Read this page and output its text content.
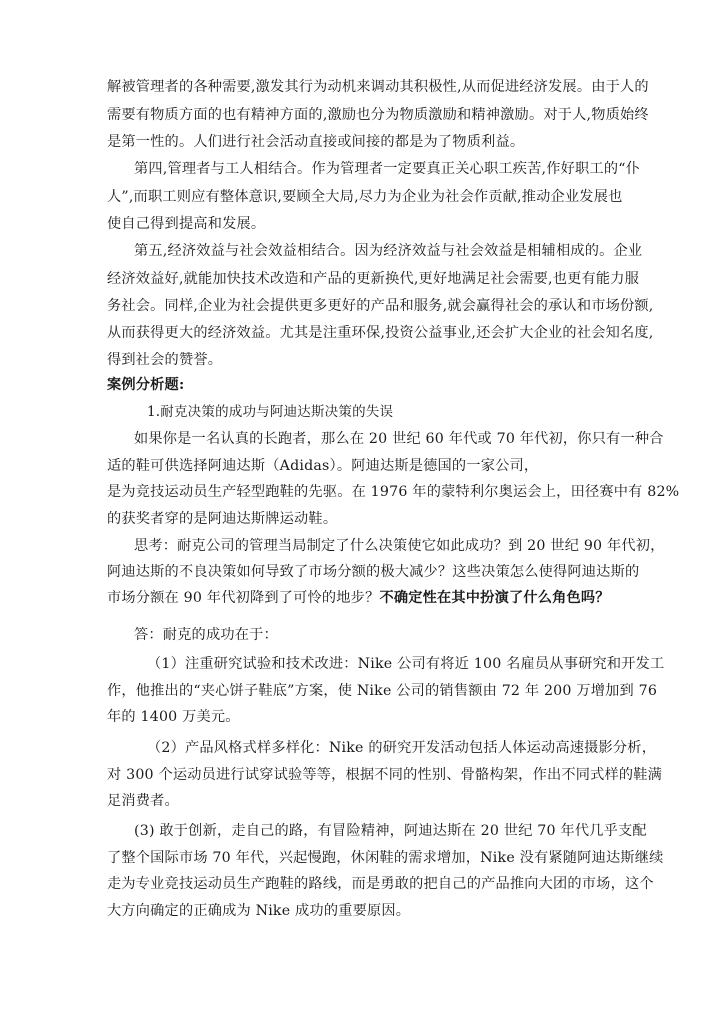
解被管理者的各种需要,激发其行为动机来调动其积极性,从而促进经济发展。由于人的
需要有物质方面的也有精神方面的,激励也分为物质激励和精神激励。对于人,物质始终
是第一性的。人们进行社会活动直接或间接的都是为了物质利益。
第四,管理者与工人相结合。作为管理者一定要真正关心职工疾苦,作好职工的“仆
人”,而职工则应有整体意识,要顾全大局,尽力为企业为社会作贡献,推动企业发展也
使自己得到提高和发展。
第五,经济效益与社会效益相结合。因为经济效益与社会效益是相辅相成的。企业
经济效益好,就能加快技术改造和产品的更新换代,更好地满足社会需要,也更有能力服
务社会。同样,企业为社会提供更多更好的产品和服务,就会赢得社会的承认和市场份额,
从而获得更大的经济效益。尤其是注重环保,投资公益事业,还会扩大企业的社会知名度,
得到社会的赞誉。
案例分析题:
1.耐克决策的成功与阿迪达斯决策的失误
如果你是一名认真的长跑者，那么在 20 世纪 60 年代或 70 年代初，你只有一种合
适的鞋可供选择阿迪达斯（Adidas）。阿迪达斯是德国的一家公司，
是为竞技运动员生产轻型跑鞋的先驱。在 1976 年的蒙特利尔奥运会上，田径赛中有 82%
的获奖者穿的是阿迪达斯牌运动鞋。
思考：耐克公司的管理当局制定了什么决策使它如此成功？到 20 世纪 90 年代初，
阿迪达斯的不良决策如何导致了市场分额的极大减少？这些决策怎么使得阿迪达斯的
市场分额在 90 年代初降到了可怜的地步？不确定性在其中扮演了什么角色吗？
答：耐克的成功在于：
（1）注重研究试验和技术改进：Nike 公司有将近 100 名雇员从事研究和开发工
作，他推出的“夹心饼子鞋底”方案，使 Nike 公司的销售额由 72 年 200 万增加到 76
年的 1400 万美元。
（2）产品风格式样多样化：Nike 的研究开发活动包括人体运动高速摄影分析，
对 300 个运动员进行试穿试验等等，根据不同的性别、骨骼构架，作出不同式样的鞋满
足消费者。
(3) 敢于创新，走自己的路，有冒险精神，阿迪达斯在 20 世纪 70 年代几乎支配
了整个国际市场 70 年代，兴起慢跑，休闲鞋的需求增加，Nike 没有紧随阿迪达斯继续
走为专业竞技运动员生产跑鞋的路线，而是勇敢的把自己的产品推向大团的市场，这个
大方向确定的正确成为 Nike 成功的重要原因。
